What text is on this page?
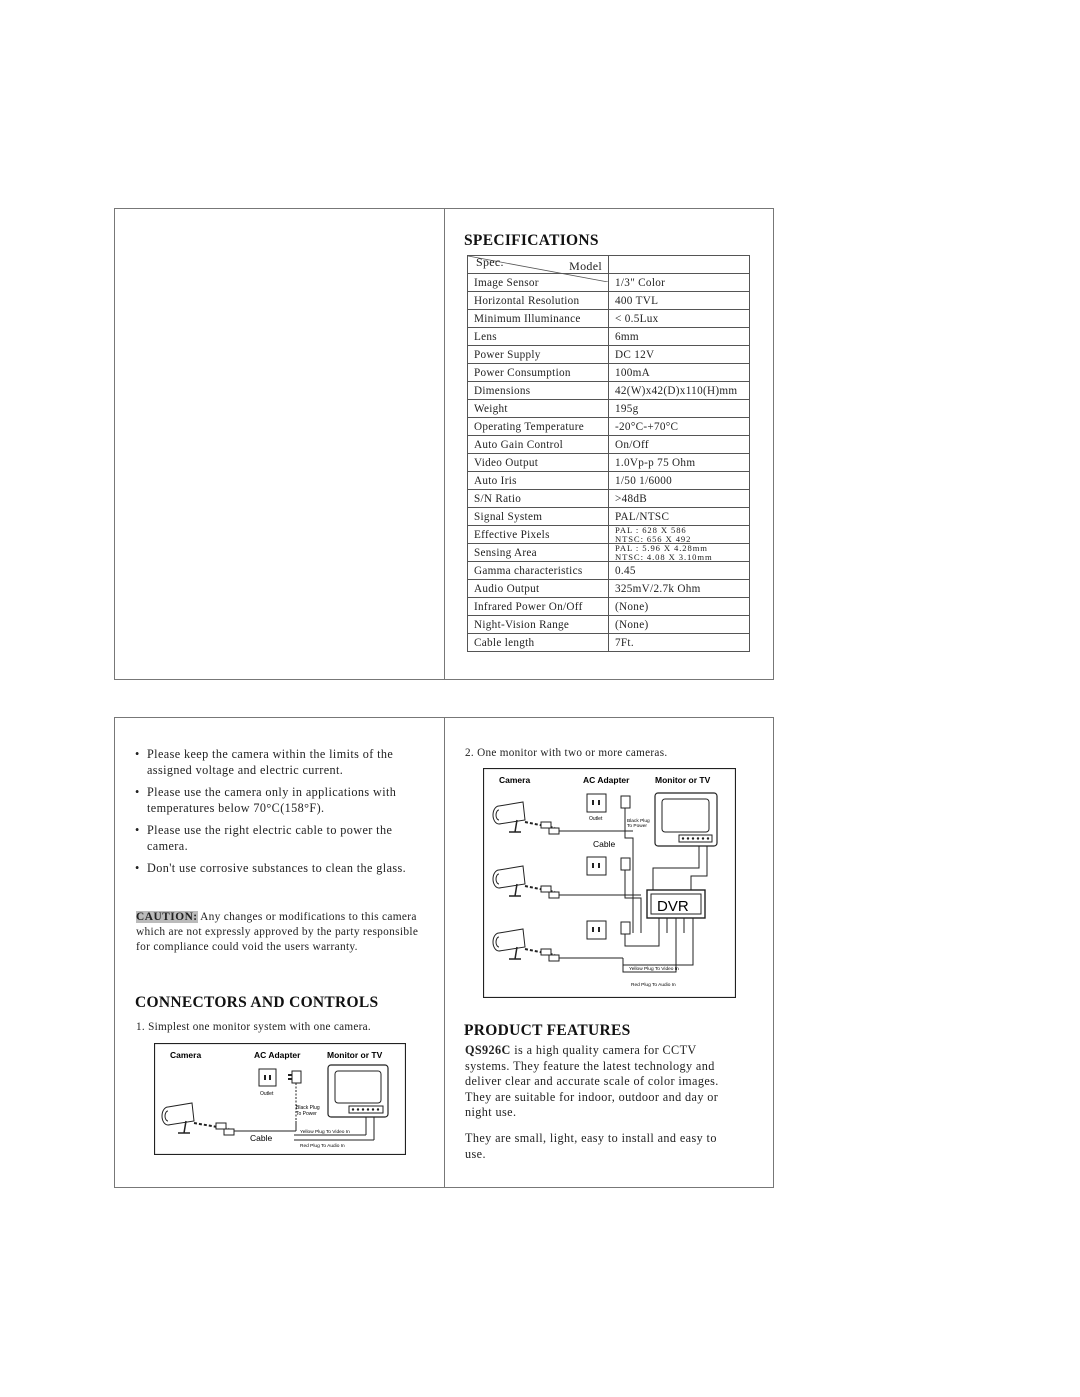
SPECIFICATIONS
Spec. Model	

Image Sensor	1/3" Color
Horizontal Resolution	400 TVL
Minimum Illuminance	< 0.5Lux
Lens	6mm
Power Supply	DC 12V
Power Consumption	100mA
Dimensions	42(W)x42(D)x110(H)mm
Weight	195g
Operating Temperature	-20°C-+70°C
Auto Gain Control	On/Off
Video Output	1.0Vp-p 75 Ohm
Auto Iris	1/50 1/6000
S/N Ratio	>48dB
Signal System	PAL/NTSC
Effective Pixels	PAL : 628 X 586
NTSC: 656 X 492

Sensing Area	PAL : 5.96 X 4.28mm
NTSC: 4.08 X 3.10mm

Gamma characteristics	0.45
Audio Output	325mV/2.7k Ohm
Infrared Power On/Off	(None)
Night-Vision Range	(None)
Cable length	7Ft.
• Please keep the camera within the limits of the assigned voltage and electric current.
• Please use the camera only in applications with temperatures below 70°C(158°F).
• Please use the right electric cable to power the camera.
• Don't use corrosive substances to clean the glass.
CAUTION: Any changes or modifications to this camera which are not expressly approved by the party responsible for compliance could void the users warranty.
CONNECTORS AND CONTROLS
1. Simplest one monitor system with one camera.
Camera	AC Adapter	Monitor or TV
Outlet
Black Plug
To Power
Cable
Yellow Plug To Video In
Red Plug To Audio In
2. One monitor with two or more cameras.
Camera	AC Adapter	Monitor or TV
DVR
Outlet	Black Plug
To Power
Cable
Yellow Plug To Video In
Red Plug To Audio In
PRODUCT FEATURES
QS926C is a high quality camera for CCTV systems. They feature the latest technology and deliver clear and accurate scale of color images. They are suitable for indoor, outdoor and day or night use.
They are small, light, easy to install and easy to use.
